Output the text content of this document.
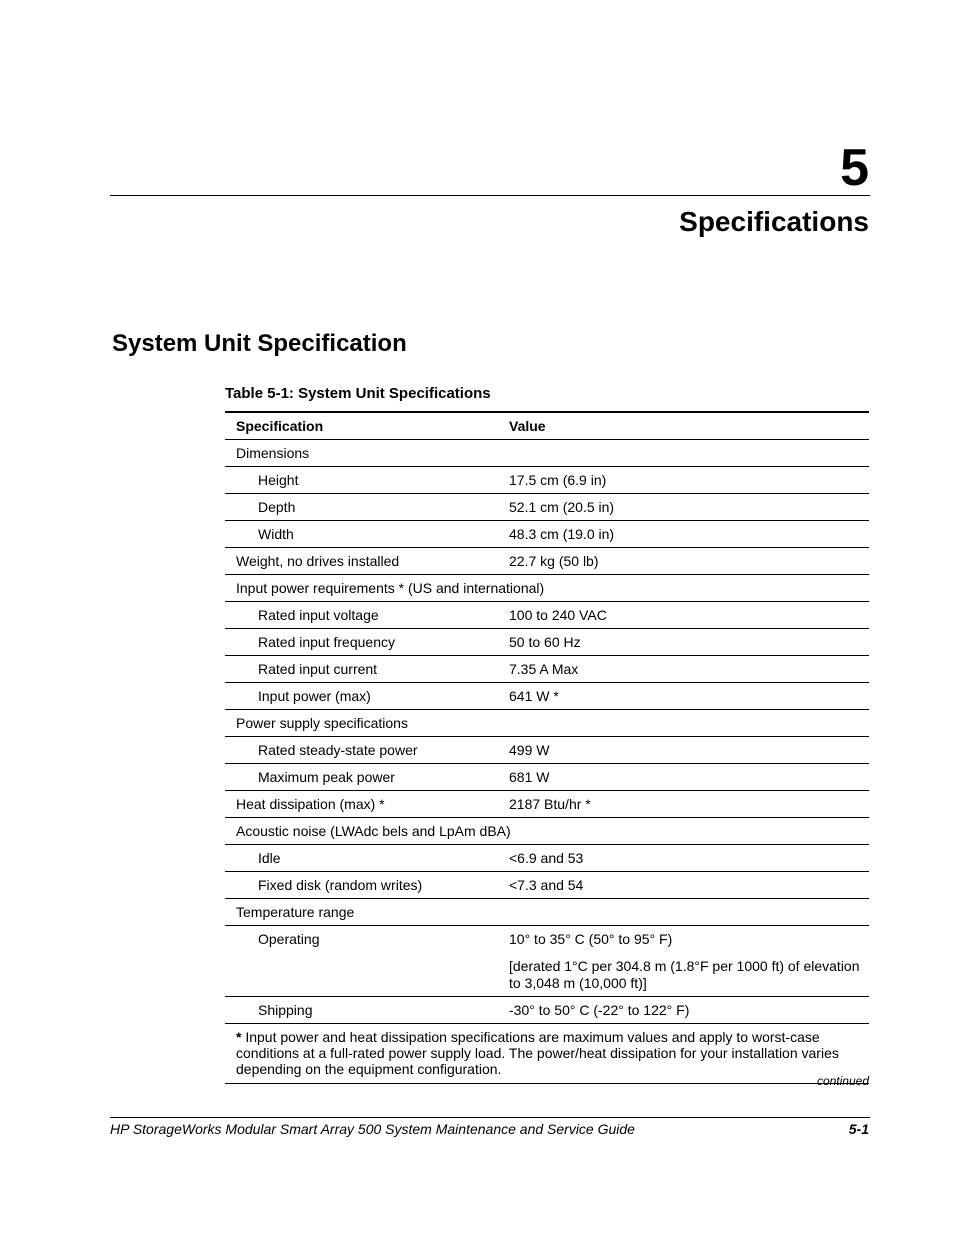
5
Specifications
System Unit Specification
Table 5-1: System Unit Specifications
Specification	Value
Dimensions
Height	17.5 cm (6.9 in)
Depth	52.1 cm (20.5 in)
Width	48.3 cm (19.0 in)
Weight, no drives installed	22.7 kg (50 lb)
Input power requirements * (US and international)
Rated input voltage	100 to 240 VAC
Rated input frequency	50 to 60 Hz
Rated input current	7.35 A Max
Input power (max)	641 W *
Power supply specifications
Rated steady-state power	499 W
Maximum peak power	681 W
Heat dissipation (max) *	2187 Btu/hr *
Acoustic noise (LWAdc bels and LpAm dBA)
Idle	<6.9 and 53
Fixed disk (random writes)	<7.3 and 54
Temperature range
Operating	10° to 35° C (50° to 95° F)
[derated 1°C per 304.8 m (1.8°F per 1000 ft) of elevation to 3,048 m (10,000 ft)]
Shipping	-30° to 50° C (-22° to 122° F)
* Input power and heat dissipation specifications are maximum values and apply to worst-case conditions at a full-rated power supply load. The power/heat dissipation for your installation varies depending on the equipment configuration.
continued
HP StorageWorks Modular Smart Array 500 System Maintenance and Service Guide	5-1
